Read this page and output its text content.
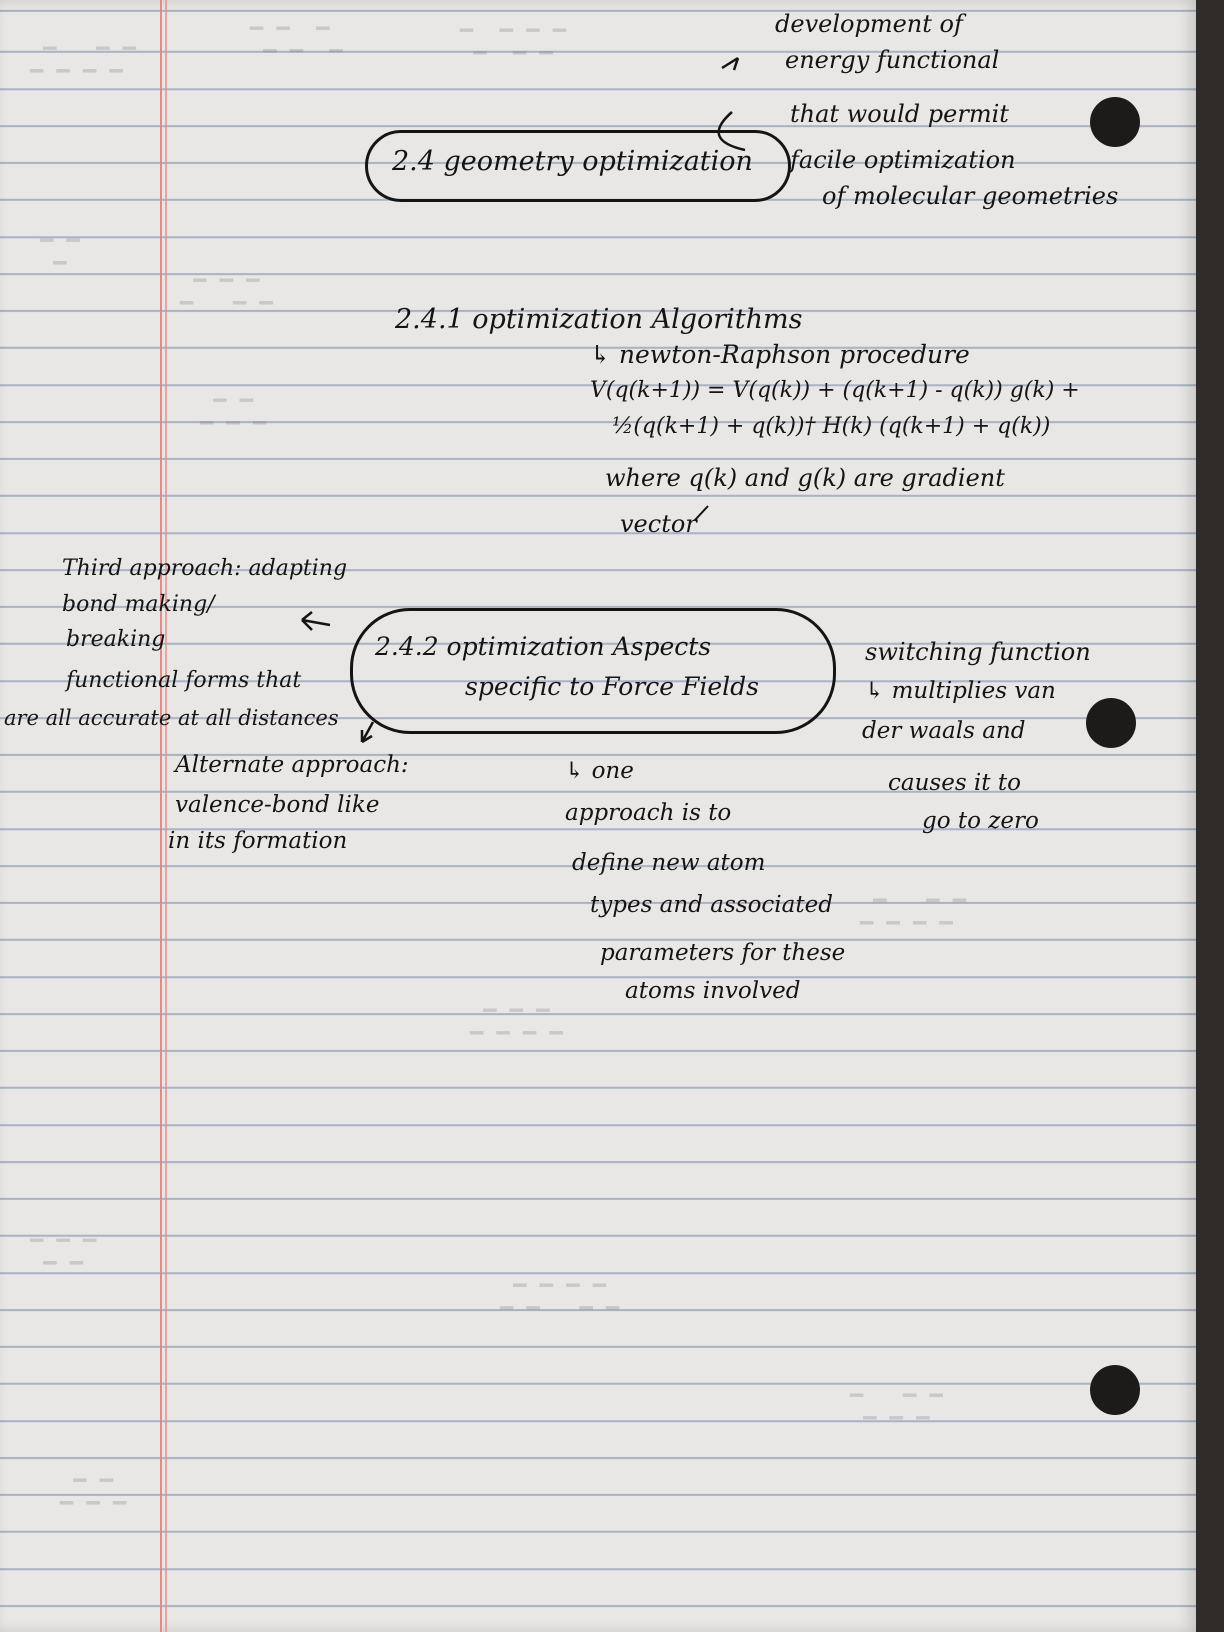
▔▁▔▁ ▁▔▁
▁▔ ▁▔▁▔	▔▁▔▁▔ ▁▔
▁▔▁▔ ▔▁
▔▁▔
▁▔▁▔▁
▔▁▔▁ ▁▔▁
▁▔▁▔▁▔▁
▔▁▔▁▔
▁▔▁▔ ▔▁▔▁
▔▁▔▁ ▁▔
▁▔▁▔▁
2.4 geometry optimization
development of
energy functional
that would permit
facile optimization
of molecular geometries
2.4.1 optimization Algorithms
↳ newton-Raphson procedure
V(q(k+1)) = V(q(k)) + (q(k+1) - q(k)) g(k) +
½(q(k+1) + q(k))† H(k) (q(k+1) + q(k))
where q(k) and g(k) are gradient
vector
Third approach: adapting
bond making/
breaking
functional forms that
are all accurate at all distances
Alternate approach:
valence-bond like
in its formation
2.4.2 optimization Aspects
specific to Force Fields
↳ one
approach is to
define new atom
types and associated
parameters for these
atoms involved
switching function
↳ multiplies van
der waals and
causes it to
go to zero
